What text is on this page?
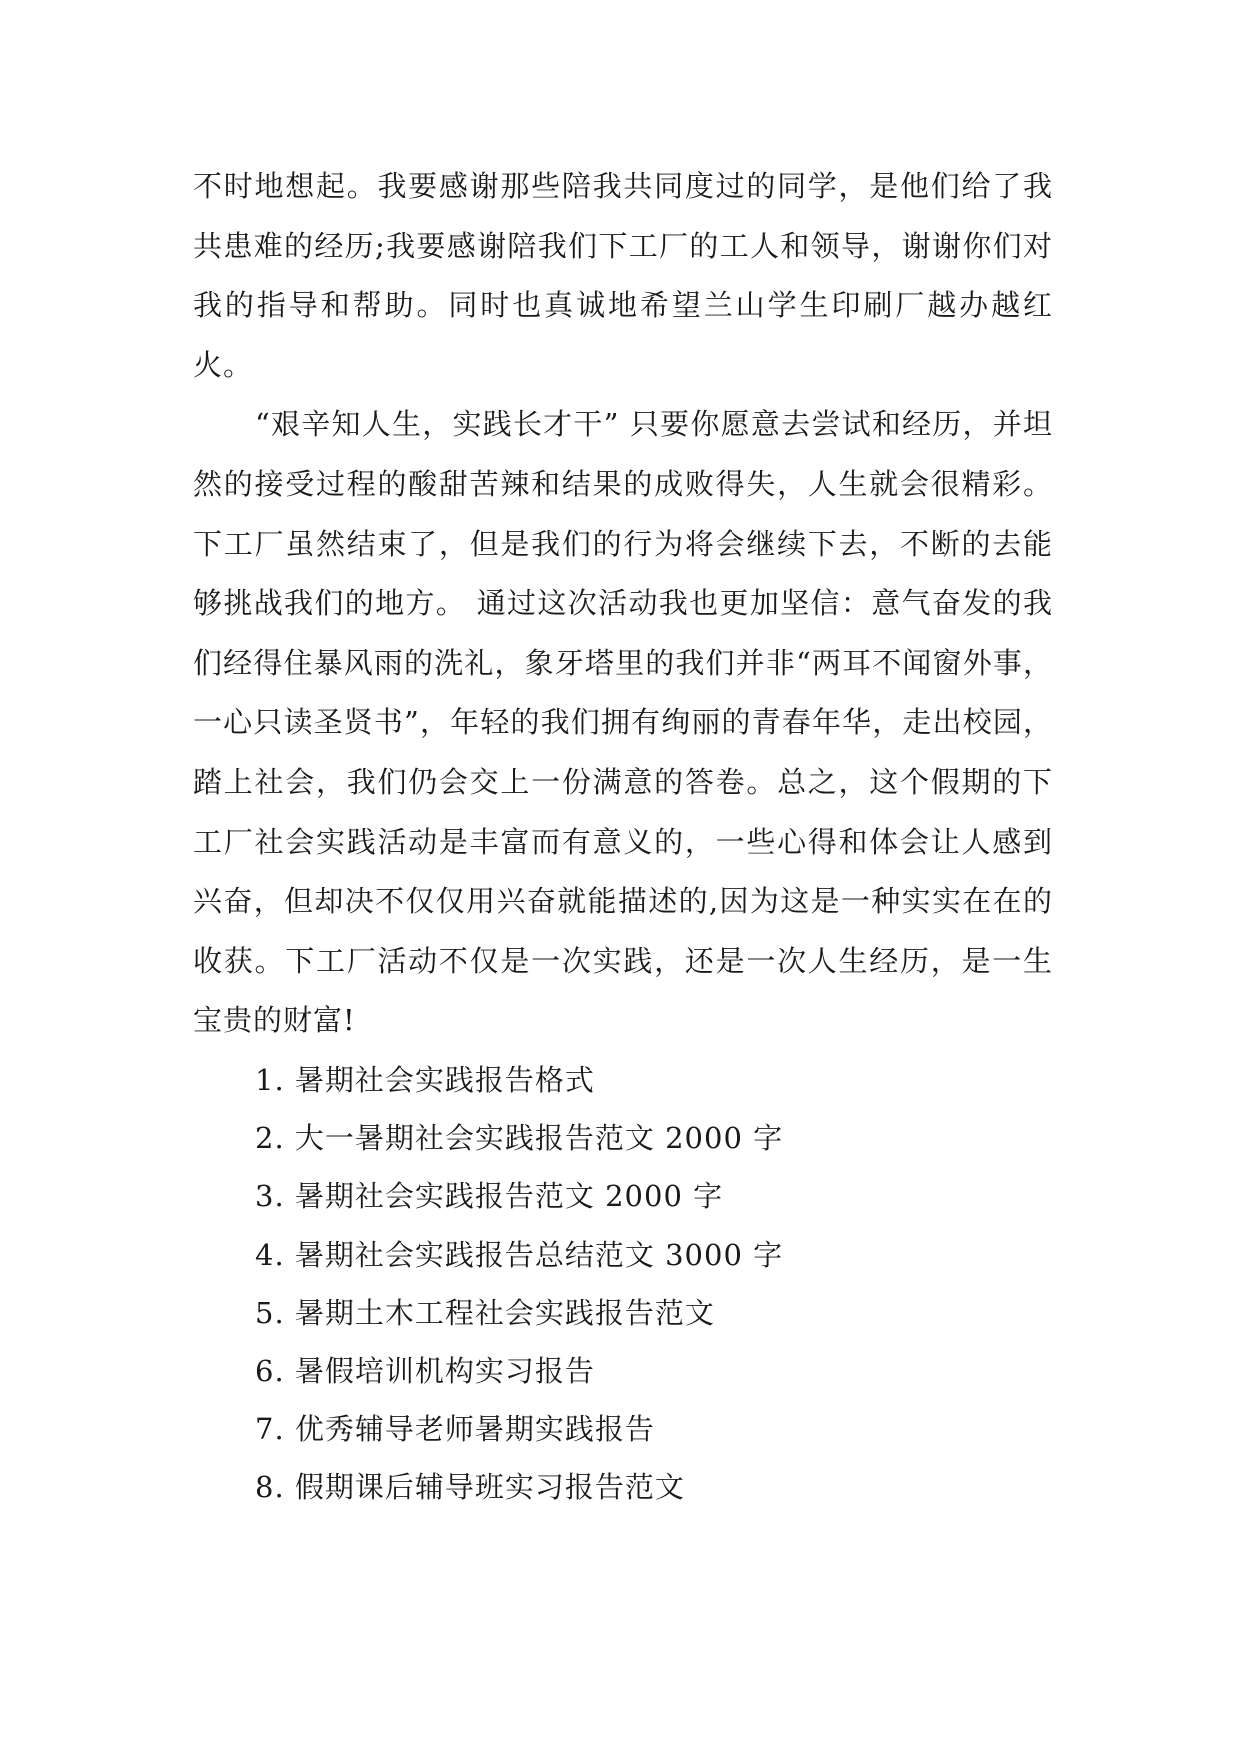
不时地想起。我要感谢那些陪我共同度过的同学，是他们给了我共患难的经历;我要感谢陪我们下工厂的工人和领导，谢谢你们对我的指导和帮助。同时也真诚地希望兰山学生印刷厂越办越红火。

“艰辛知人生，实践长才干” 只要你愿意去尝试和经历，并坦然的接受过程的酸甜苦辣和结果的成败得失，人生就会很精彩。下工厂虽然结束了，但是我们的行为将会继续下去，不断的去能够挑战我们的地方。 通过这次活动我也更加坚信：意气奋发的我们经得住暴风雨的洗礼，象牙塔里的我们并非“两耳不闻窗外事，一心只读圣贤书”，年轻的我们拥有绚丽的青春年华，走出校园，踏上社会，我们仍会交上一份满意的答卷。总之，这个假期的下工厂社会实践活动是丰富而有意义的，一些心得和体会让人感到兴奋，但却决不仅仅用兴奋就能描述的,因为这是一种实实在在的收获。下工厂活动不仅是一次实践，还是一次人生经历，是一生宝贵的财富!

1. 暑期社会实践报告格式
2. 大一暑期社会实践报告范文 2000 字
3. 暑期社会实践报告范文 2000 字
4. 暑期社会实践报告总结范文 3000 字
5. 暑期土木工程社会实践报告范文
6. 暑假培训机构实习报告
7. 优秀辅导老师暑期实践报告
8. 假期课后辅导班实习报告范文
